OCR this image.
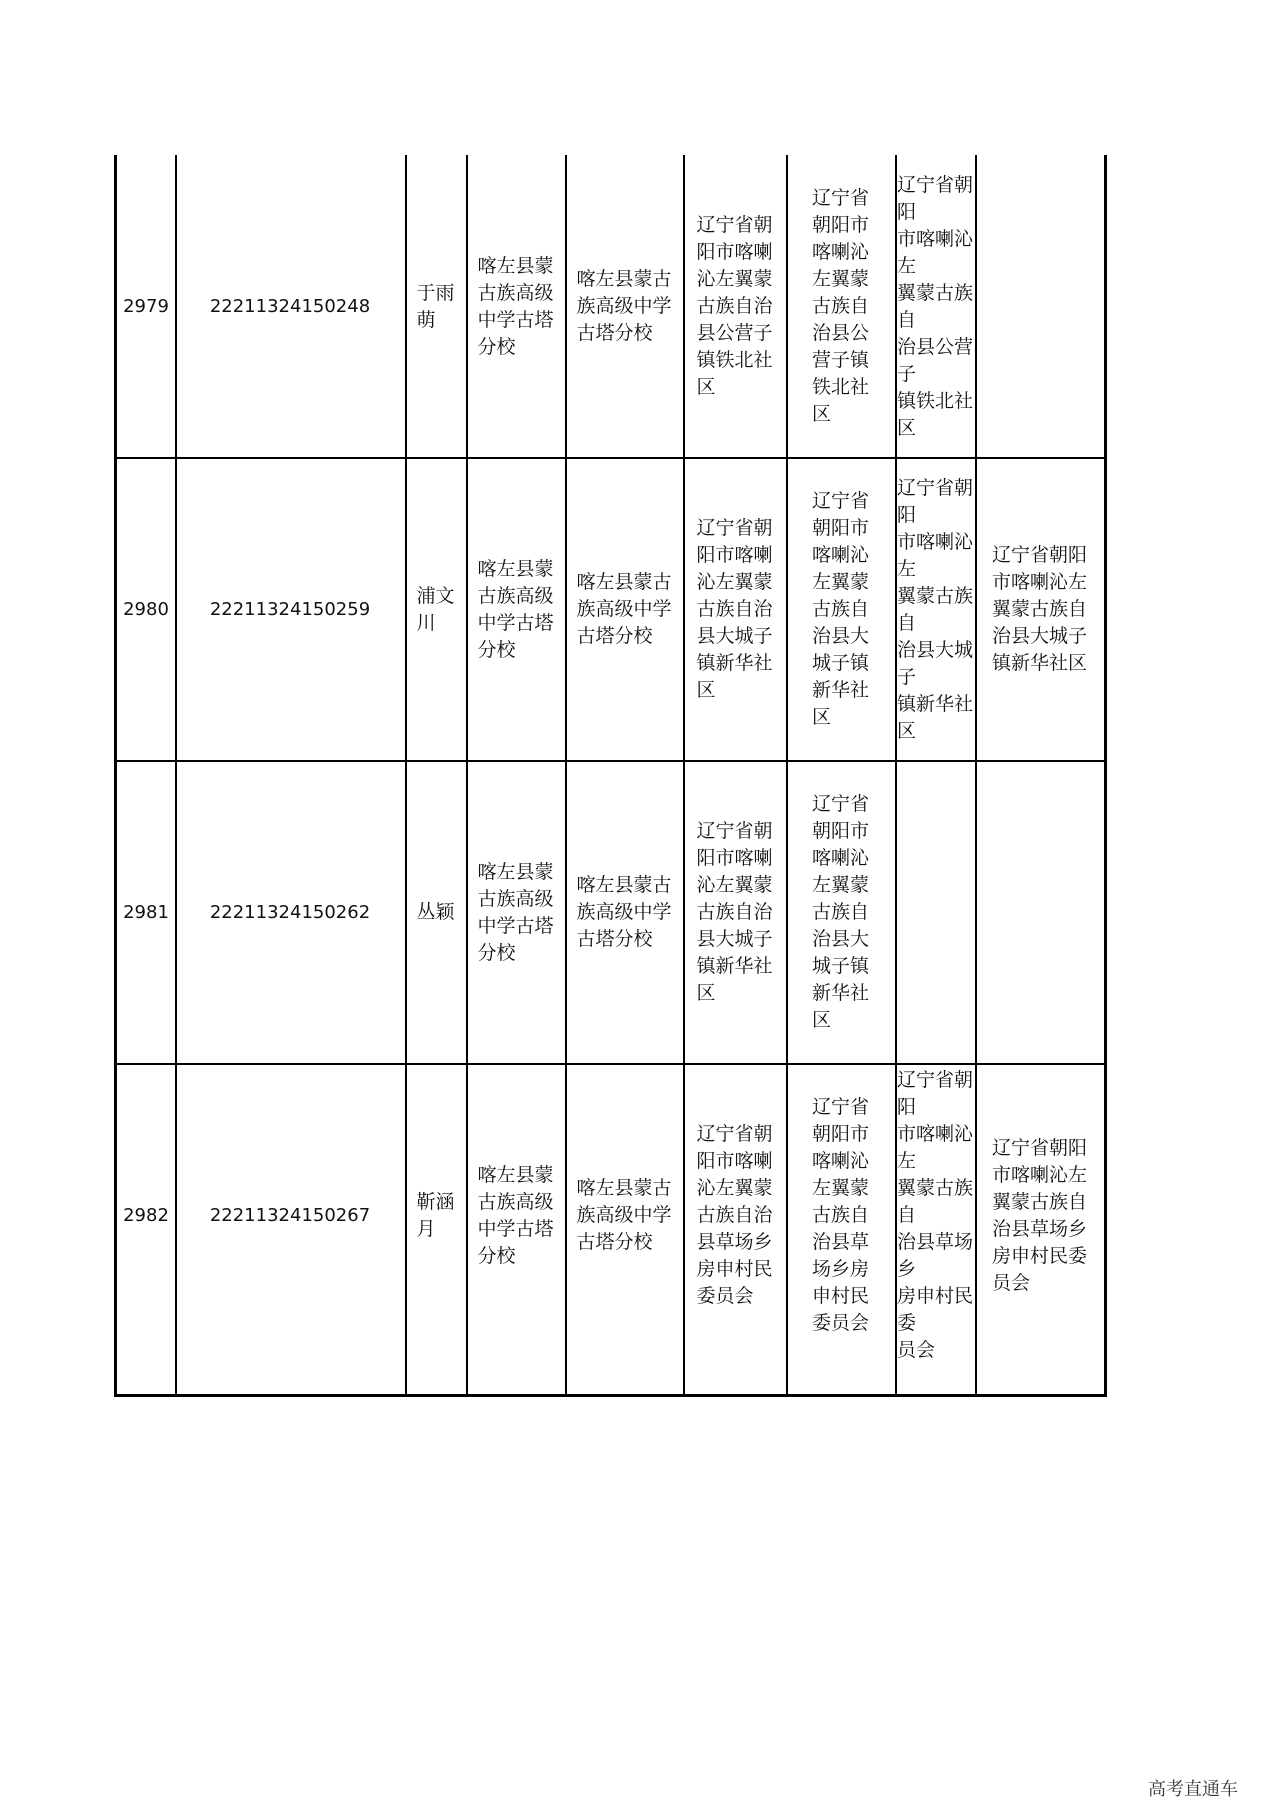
2979 22211324150248
于雨
萌
喀左县蒙
古族高级
中学古塔
分校
喀左县蒙古
族高级中学
古塔分校
辽宁省朝
阳市喀喇
沁左翼蒙
古族自治
县公营子
镇铁北社
区
辽宁省
朝阳市
喀喇沁
左翼蒙
古族自
治县公
营子镇
铁北社
区
辽宁省朝阳
市喀喇沁左
翼蒙古族自
治县公营子
镇铁北社区
2980 22211324150259
浦文
川
喀左县蒙
古族高级
中学古塔
分校
喀左县蒙古
族高级中学
古塔分校
辽宁省朝
阳市喀喇
沁左翼蒙
古族自治
县大城子
镇新华社
区
辽宁省
朝阳市
喀喇沁
左翼蒙
古族自
治县大
城子镇
新华社
区
辽宁省朝阳
市喀喇沁左
翼蒙古族自
治县大城子
镇新华社区
辽宁省朝阳
市喀喇沁左
翼蒙古族自
治县大城子
镇新华社区
2981 22211324150262 丛颖
喀左县蒙
古族高级
中学古塔
分校
喀左县蒙古
族高级中学
古塔分校
辽宁省朝
阳市喀喇
沁左翼蒙
古族自治
县大城子
镇新华社
区
辽宁省
朝阳市
喀喇沁
左翼蒙
古族自
治县大
城子镇
新华社
区
2982 22211324150267
靳涵
月
喀左县蒙
古族高级
中学古塔
分校
喀左县蒙古
族高级中学
古塔分校
辽宁省朝
阳市喀喇
沁左翼蒙
古族自治
县草场乡
房申村民
委员会
辽宁省
朝阳市
喀喇沁
左翼蒙
古族自
治县草
场乡房
申村民
委员会
辽宁省朝阳
市喀喇沁左
翼蒙古族自
治县草场乡
房申村民委
员会
辽宁省朝阳
市喀喇沁左
翼蒙古族自
治县草场乡
房申村民委
员会
高考直通车
